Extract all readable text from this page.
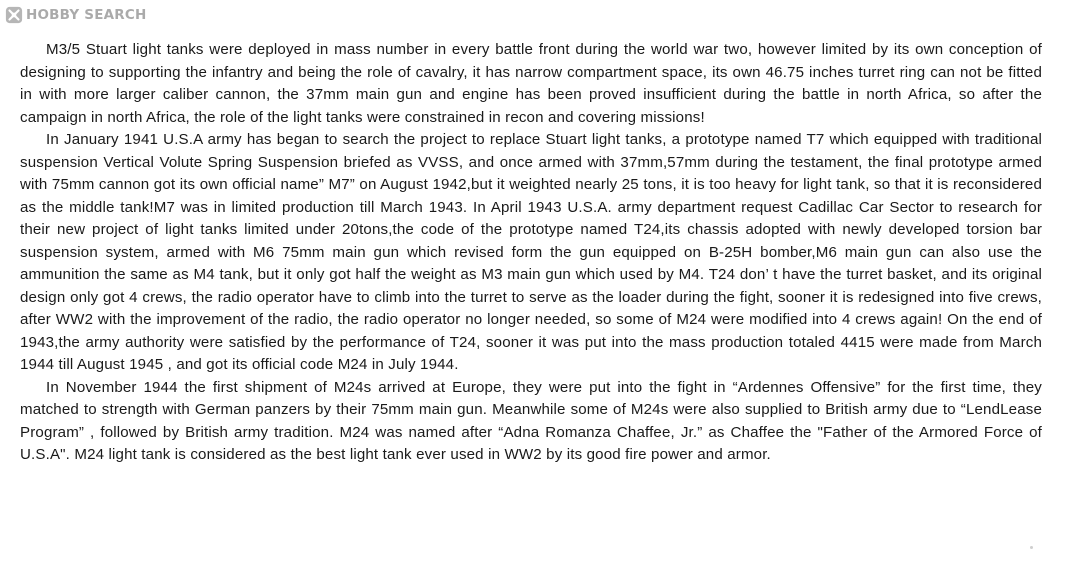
HOBBY SEARCH

M3/5 Stuart light tanks were deployed in mass number in every battle front during the world war two, however limited by its own conception of designing to supporting the infantry and being the role of cavalry, it has narrow compartment space, its own 46.75 inches turret ring can not be fitted in with more larger caliber cannon, the 37mm main gun and engine has been proved insufficient during the battle in north Africa, so after the campaign in north Africa, the role of the light tanks were constrained in recon and covering missions!

In January 1941 U.S.A army has began to search the project to replace Stuart light tanks, a prototype named T7 which equipped with traditional suspension Vertical Volute Spring Suspension briefed as VVSS, and once armed with 37mm,57mm during the testament, the final prototype armed with 75mm cannon got its own official name” M7” on August 1942,but it weighted nearly 25 tons, it is too heavy for light tank, so that it is reconsidered as the middle tank!M7 was in limited production till March 1943. In April 1943 U.S.A. army department request Cadillac Car Sector to research for their new project of light tanks limited under 20tons,the code of the prototype named T24,its chassis adopted with newly developed torsion bar suspension system, armed with M6 75mm main gun which revised form the gun equipped on B-25H bomber,M6 main gun can also use the ammunition the same as M4 tank, but it only got half the weight as M3 main gun which used by M4. T24 don’ t have the turret basket, and its original design only got 4 crews, the radio operator have to climb into the turret to serve as the loader during the fight, sooner it is redesigned into five crews, after WW2 with the improvement of the radio, the radio operator no longer needed, so some of M24 were modified into 4 crews again! On the end of 1943,the army authority were satisfied by the performance of T24, sooner it was put into the mass production totaled 4415 were made from March 1944 till August 1945 , and got its official code M24 in July 1944.

In November 1944 the first shipment of M24s arrived at Europe, they were put into the fight in “Ardennes Offensive” for the first time, they matched to strength with German panzers by their 75mm main gun. Meanwhile some of M24s were also supplied to British army due to “LendLease Program” , followed by British army tradition. M24 was named after “Adna Romanza Chaffee, Jr.” as Chaffee the "Father of the Armored Force of U.S.A". M24 light tank is considered as the best light tank ever used in WW2 by its good fire power and armor.
